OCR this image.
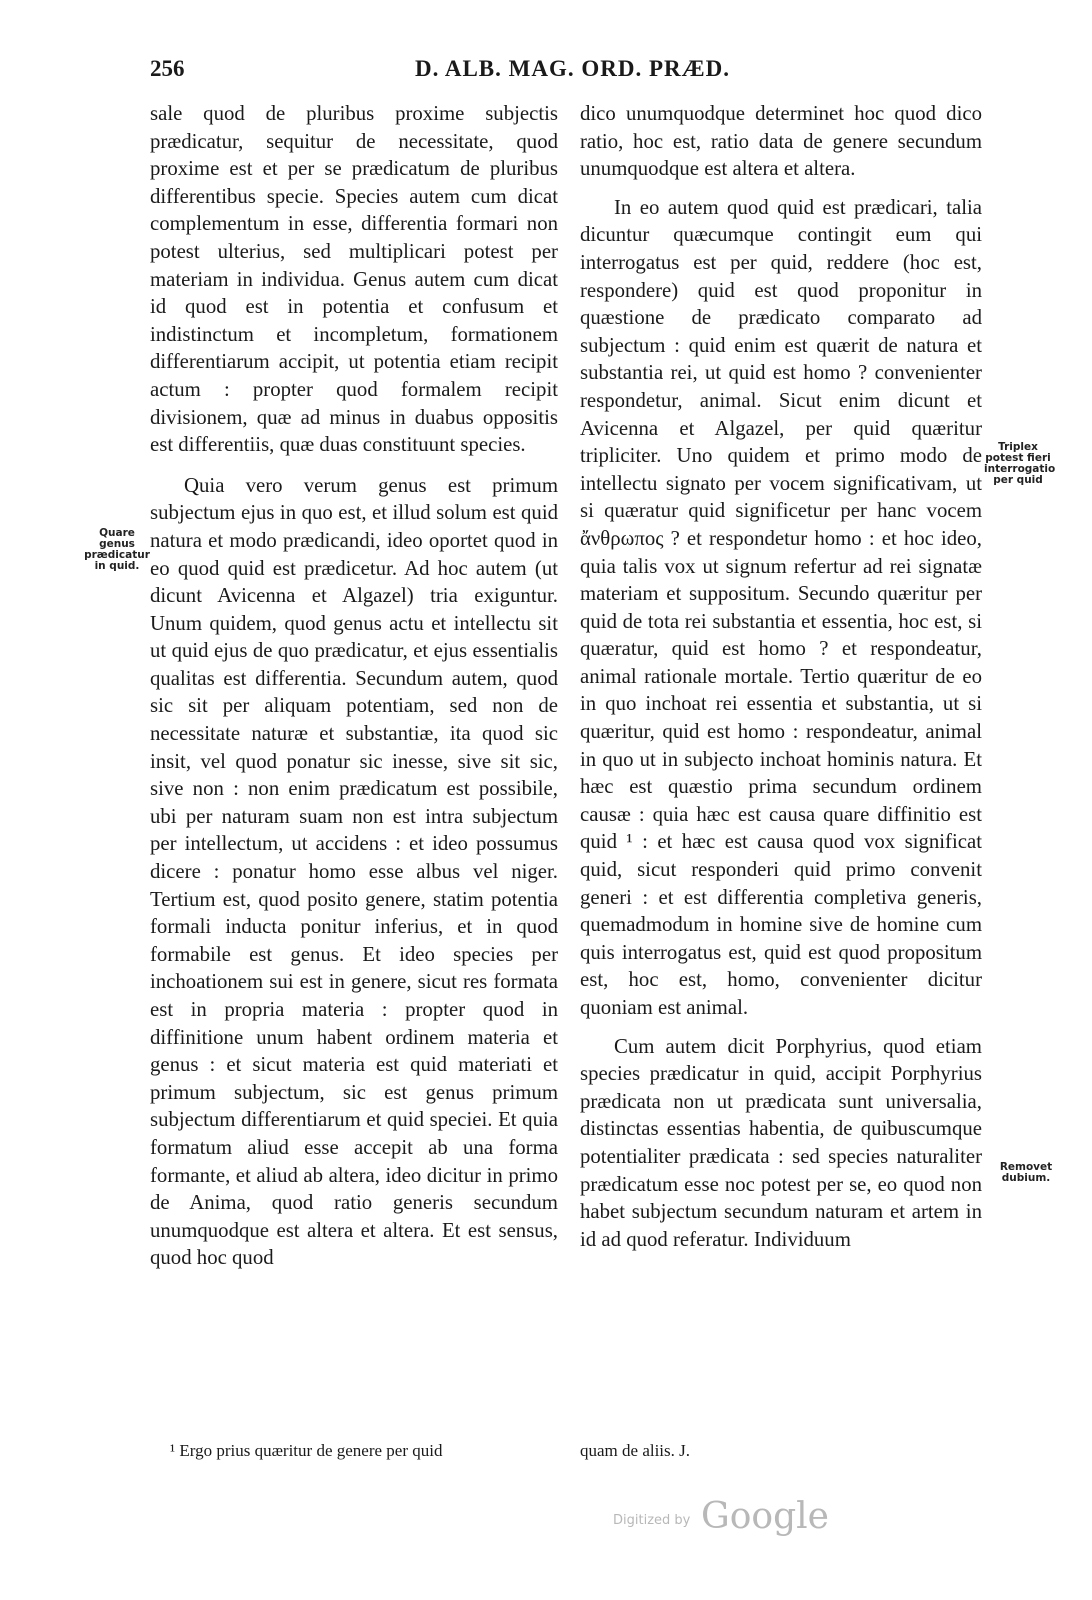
256	D. ALB. MAG. ORD. PRÆD.

sale quod de pluribus proxime subjectis prædicatur, sequitur de necessitate, quod proxime est et per se prædicatum de pluribus differentibus specie. Species autem cum dicat complementum in esse, differentia formari non potest ulterius, sed multiplicari potest per materiam in individua. Genus autem cum dicat id quod est in potentia et confusum et indistinctum et incompletum, formationem differentiarum accipit, ut potentia etiam recipit actum : propter quod formalem recipit divisionem, quæ ad minus in duabus oppositis est differentiis, quæ duas constituunt species.

Quia vero verum genus est primum subjectum ejus in quo est, et illud solum est quid natura et modo prædicandi, ideo oportet quod in eo quod quid est prædicetur. Ad hoc autem (ut dicunt Avicenna et Algazel) tria exiguntur. Unum quidem, quod genus actu et intellectu sit ut quid ejus de quo prædicatur, et ejus essentialis qualitas est differentia. Secundum autem, quod sic sit per aliquam potentiam, sed non de necessitate naturæ et substantiæ, ita quod sic insit, vel quod ponatur sic inesse, sive sit sic, sive non : non enim prædicatum est possibile, ubi per naturam suam non est intra subjectum per intellectum, ut accidens : et ideo possumus dicere : ponatur homo esse albus vel niger. Tertium est, quod posito genere, statim potentia formali inducta ponitur inferius, et in quod formabile est genus. Et ideo species per inchoationem sui est in genere, sicut res formata est in propria materia : propter quod in diffinitione unum habent ordinem materia et genus : et sicut materia est quid materiati et primum subjectum, sic est genus primum subjectum differentiarum et quid speciei. Et quia formatum aliud esse accepit ab una forma formante, et aliud ab altera, ideo dicitur in primo de Anima, quod ratio generis secundum unumquodque est altera et altera. Et est sensus, quod hoc quod

dico unumquodque determinet hoc quod dico ratio, hoc est, ratio data de genere secundum unumquodque est altera et altera.

In eo autem quod quid est prædicari, talia dicuntur quæcumque contingit eum qui interrogatus est per quid, reddere (hoc est, respondere) quid est quod proponitur in quæstione de prædicato comparato ad subjectum : quid enim est quærit de natura et substantia rei, ut quid est homo ? convenienter respondetur, animal. Sicut enim dicunt et Avicenna et Algazel, per quid quæritur tripliciter. Uno quidem et primo modo de intellectu signato per vocem significativam, ut si quæratur quid significetur per hanc vocem ἄνθρωπος ? et respondetur homo : et hoc ideo, quia talis vox ut signum refertur ad rei signatæ materiam et suppositum. Secundo quæritur per quid de tota rei substantia et essentia, hoc est, si quæratur, quid est homo ? et respondeatur, animal rationale mortale. Tertio quæritur de eo in quo inchoat rei essentia et substantia, ut si quæritur, quid est homo : respondeatur, animal in quo ut in subjecto inchoat hominis natura. Et hæc est quæstio prima secundum ordinem causæ : quia hæc est causa quare diffinitio est quid ¹ : et hæc est causa quod vox significat quid, sicut responderi quid primo convenit generi : et est differentia completiva generis, quemadmodum in homine sive de homine cum quis interrogatus est, quid est quod propositum est, hoc est, homo, convenienter dicitur quoniam est animal.

Cum autem dicit Porphyrius, quod etiam species prædicatur in quid, accipit Porphyrius prædicata non ut prædicata sunt universalia, distinctas essentias habentia, de quibuscumque potentialiter prædicata : sed species naturaliter prædicatum esse noc potest per se, eo quod non habet subjectum secundum naturam et artem in id ad quod referatur. Individuum

Quare genus prædicatur in quid.
Triplex potest fieri interrogatio per quid
Removet dubium.
¹ Ergo prius quæritur de genere per quid	quam de aliis. J.
Digitized by Google
